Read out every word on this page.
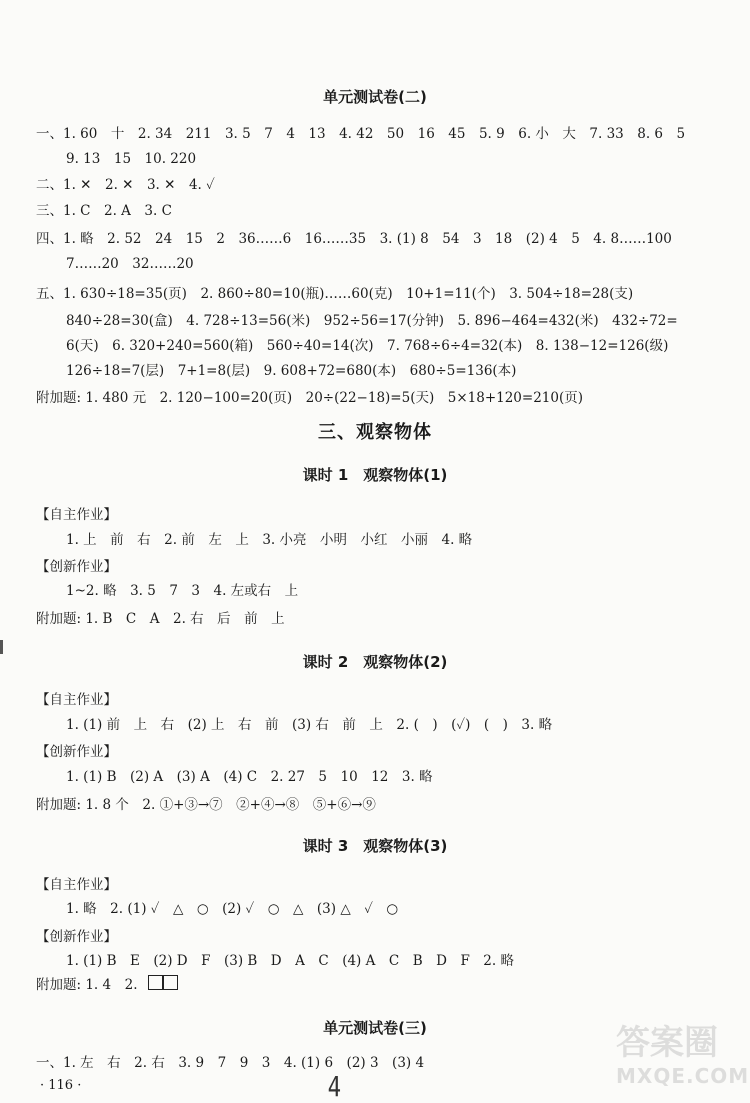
单元测试卷(二)
一、1. 60　十　2. 34　211　3. 5　7　4　13　4. 42　50　16　45　5. 9　6. 小　大　7. 33　8. 6　5
9. 13　15　10. 220
二、1. ✕　2. ✕　3. ✕　4. ✓
三、1. C　2. A　3. C
四、1. 略　2. 52　24　15　2　36……6　16……35　3. (1) 8　54　3　18　(2) 4　5　4. 8……100
7……20　32……20
五、1. 630÷18=35(页)　2. 860÷80=10(瓶)……60(克)　10+1=11(个)　3. 504÷18=28(支)
840÷28=30(盒)　4. 728÷13=56(米)　952÷56=17(分钟)　5. 896−464=432(米)　432÷72=
6(天)　6. 320+240=560(箱)　560÷40=14(次)　7. 768÷6÷4=32(本)　8. 138−12=126(级)
126÷18=7(层)　7+1=8(层)　9. 608+72=680(本)　680÷5=136(本)
附加题: 1. 480 元　2. 120−100=20(页)　20÷(22−18)=5(天)　5×18+120=210(页)
三、观察物体
课时 1　观察物体(1)
【自主作业】
1. 上　前　右　2. 前　左　上　3. 小亮　小明　小红　小丽　4. 略
【创新作业】
1~2. 略　3. 5　7　3　4. 左或右　上
附加题: 1. B　C　A　2. 右　后　前　上
课时 2　观察物体(2)
【自主作业】
1. (1) 前　上　右　(2) 上　右　前　(3) 右　前　上　2. (　)　(✓)　(　)　3. 略
【创新作业】
1. (1) B　(2) A　(3) A　(4) C　2. 27　5　10　12　3. 略
附加题: 1. 8 个　2. ①+③→⑦　②+④→⑧　⑤+⑥→⑨
课时 3　观察物体(3)
【自主作业】
1. 略　2. (1) ✓　△　○　(2) ✓　○　△　(3) △　✓　○
【创新作业】
1. (1) B　E　(2) D　F　(3) B　D　A　C　(4) A　C　B　D　F　2. 略
附加题: 1. 4　2.
单元测试卷(三)
一、1. 左　右　2. 右　3. 9　7　9　3　4. (1) 6　(2) 3　(3) 4
· 116 ·	4
答案圈
MXQE.COM
